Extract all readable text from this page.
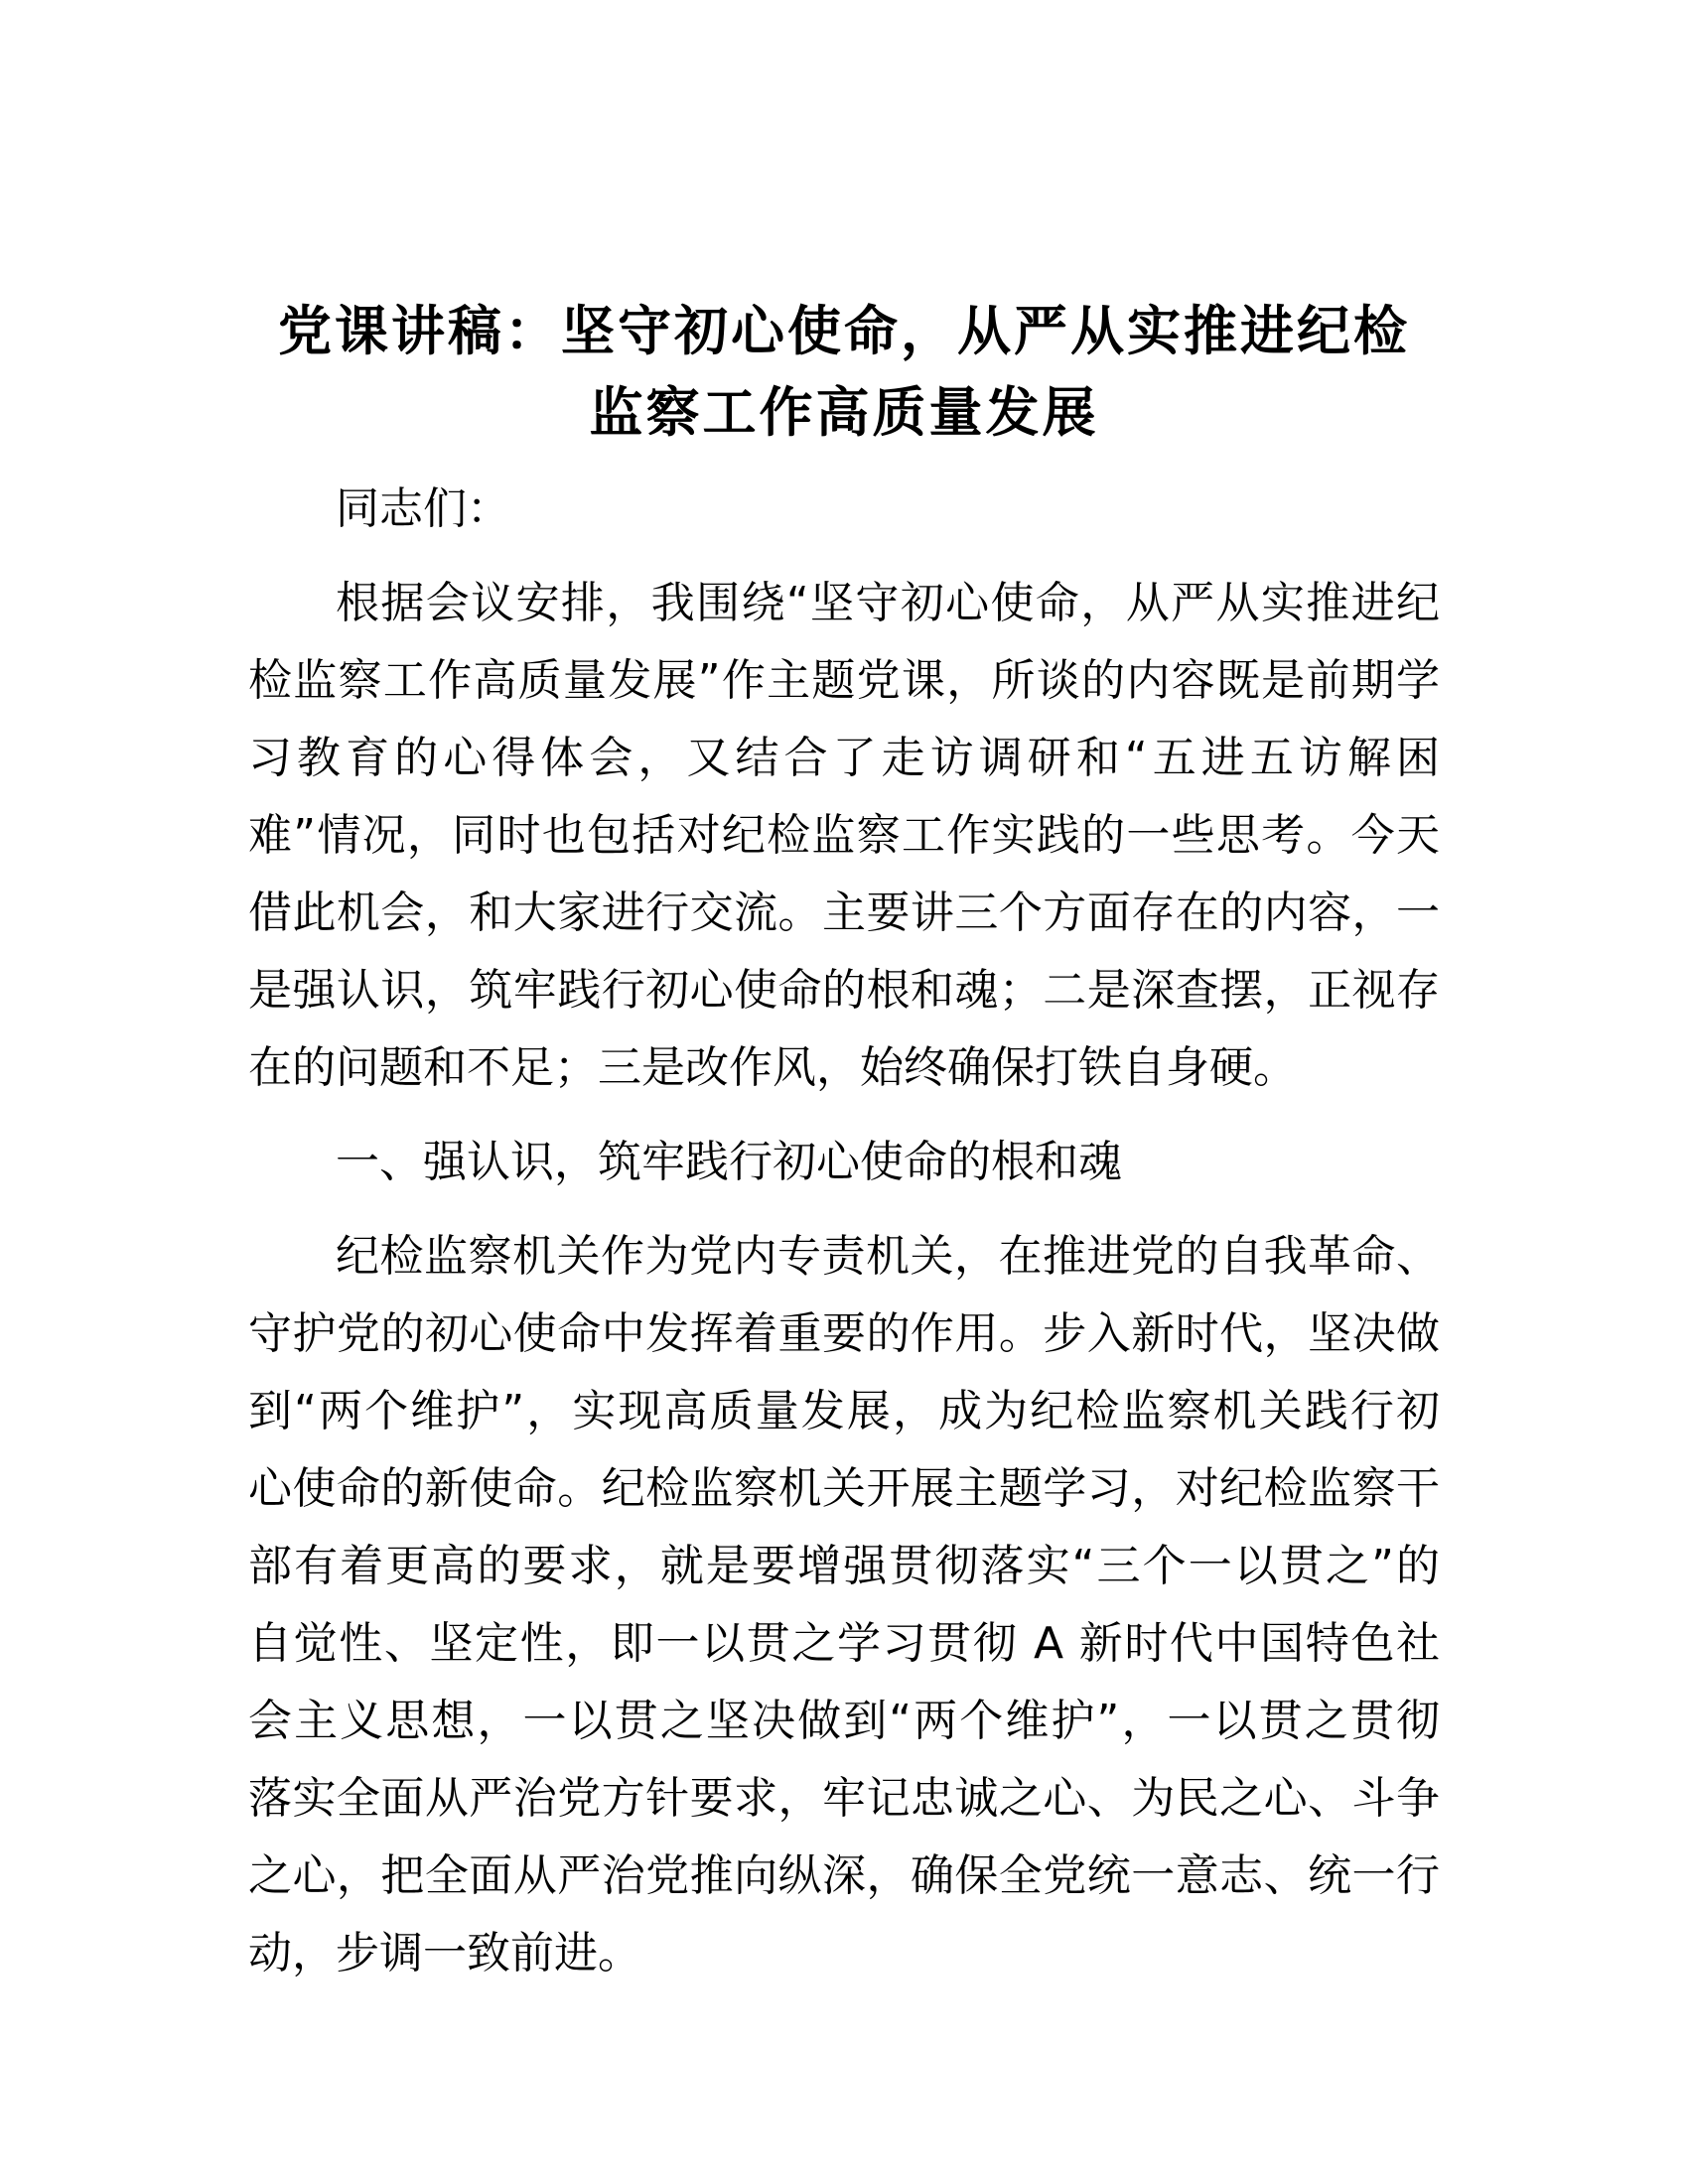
党课讲稿：坚守初心使命，从严从实推进纪检
监察工作高质量发展
同志们：
根据会议安排，我围绕“坚守初心使命，从严从实推进纪
检监察工作高质量发展”作主题党课，所谈的内容既是前期学
习教育的心得体会，又结合了走访调研和“五进五访解困
难”情况，同时也包括对纪检监察工作实践的一些思考。今天
借此机会，和大家进行交流。主要讲三个方面存在的内容，一
是强认识，筑牢践行初心使命的根和魂；二是深查摆，正视存
在的问题和不足；三是改作风，始终确保打铁自身硬。
一、强认识，筑牢践行初心使命的根和魂
纪检监察机关作为党内专责机关，在推进党的自我革命、
守护党的初心使命中发挥着重要的作用。步入新时代，坚决做
到“两个维护”，实现高质量发展，成为纪检监察机关践行初
心使命的新使命。纪检监察机关开展主题学习，对纪检监察干
部有着更高的要求，就是要增强贯彻落实“三个一以贯之”的
自觉性、坚定性，即一以贯之学习贯彻 A 新时代中国特色社
会主义思想，一以贯之坚决做到“两个维护”，一以贯之贯彻
落实全面从严治党方针要求，牢记忠诚之心、为民之心、斗争
之心，把全面从严治党推向纵深，确保全党统一意志、统一行
动，步调一致前进。
